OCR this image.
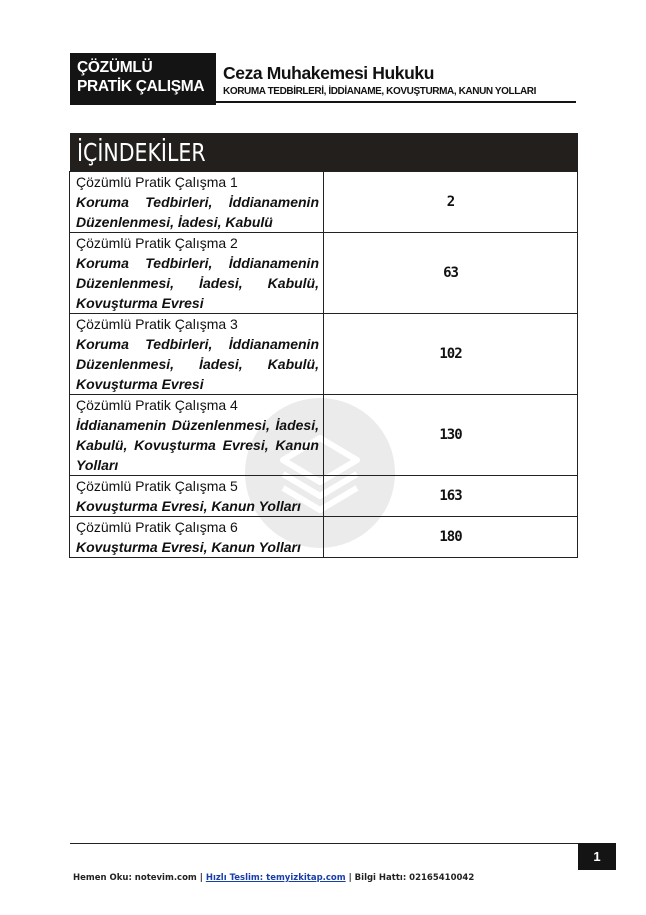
ÇÖZÜMLÜ
PRATİK ÇALIŞMA
Ceza Muhakemesi Hukuku
KORUMA TEDBİRLERİ, İDDİANAME, KOVUŞTURMA, KANUN YOLLARI
İÇİNDEKİLER	

Çözümlü Pratik Çalışma 1
Koruma Tedbirleri, İddianamenin Düzenlenmesi, İadesi, Kabulü	2

Çözümlü Pratik Çalışma 2
Koruma Tedbirleri, İddianamenin Düzenlenmesi, İadesi, Kabulü, Kovuşturma Evresi	63

Çözümlü Pratik Çalışma 3
Koruma Tedbirleri, İddianamenin Düzenlenmesi, İadesi, Kabulü, Kovuşturma Evresi	102

Çözümlü Pratik Çalışma 4
İddianamenin Düzenlenmesi, İadesi, Kabulü, Kovuşturma Evresi, Kanun Yolları	130

Çözümlü Pratik Çalışma 5
Kovuşturma Evresi, Kanun Yolları	163

Çözümlü Pratik Çalışma 6
Kovuşturma Evresi, Kanun Yolları	180
1
Hemen Oku: notevim.com | Hızlı Teslim: temyizkitap.com | Bilgi Hattı: 02165410042
